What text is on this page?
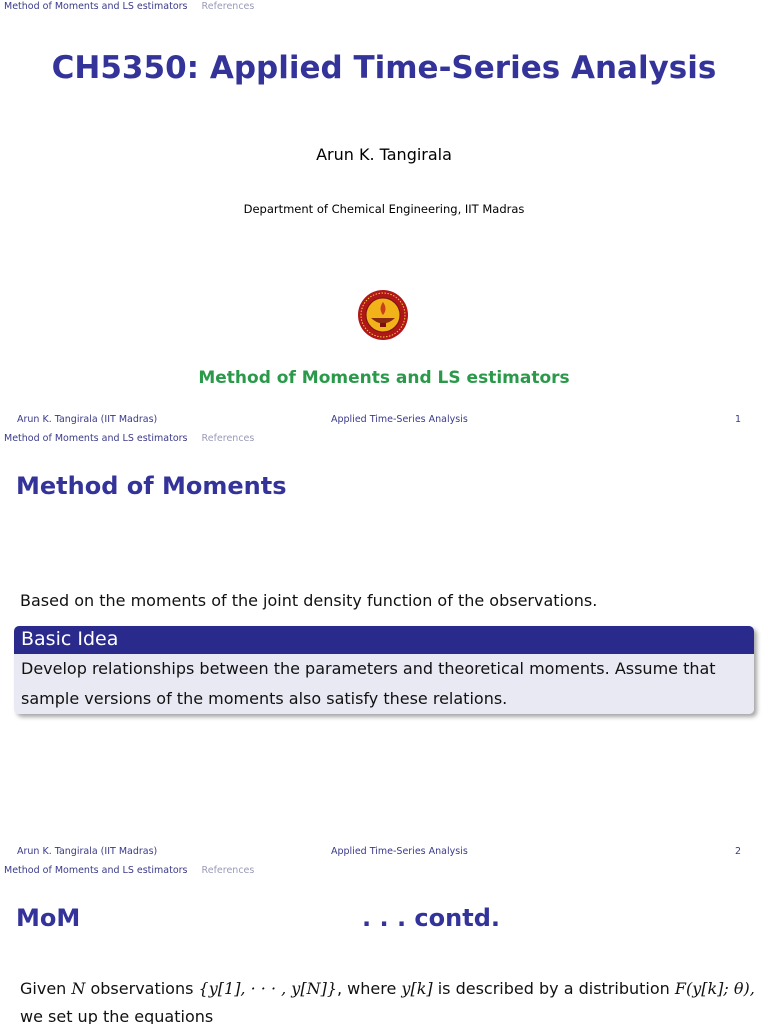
Method of Moments and LS estimators References
CH5350: Applied Time-Series Analysis
Arun K. Tangirala
Department of Chemical Engineering, IIT Madras
Method of Moments and LS estimators
Arun K. Tangirala (IIT Madras)	Applied Time-Series Analysis	1
Method of Moments and LS estimators References
Method of Moments
Based on the moments of the joint density function of the observations.
Basic Idea
Develop relationships between the parameters and theoretical moments. Assume that
sample versions of the moments also satisfy these relations.
Arun K. Tangirala (IIT Madras)	Applied Time-Series Analysis	2
Method of Moments and LS estimators References
MoM	. . . contd.
Given N observations {y[1], · · · , y[N]}, where y[k] is described by a distribution F(y[k]; θ),
we set up the equations
